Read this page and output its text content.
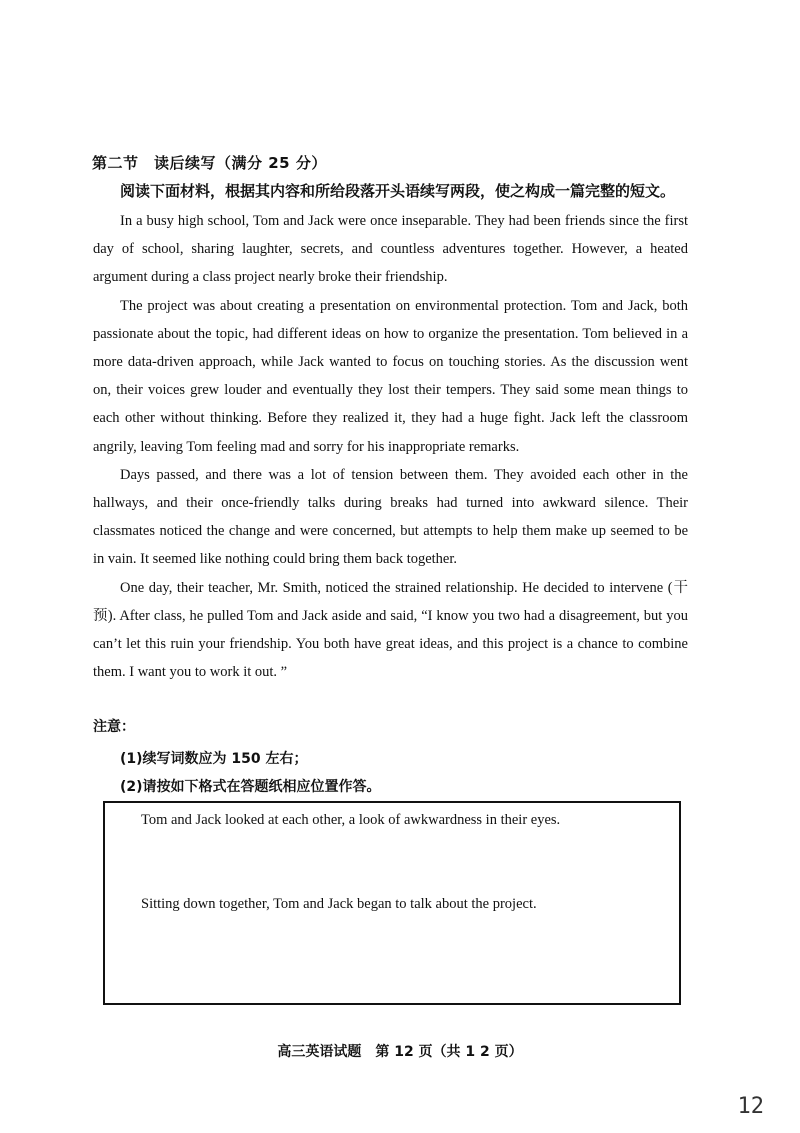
第二节　读后续写（满分 25 分）
阅读下面材料，根据其内容和所给段落开头语续写两段，使之构成一篇完整的短文。

In a busy high school, Tom and Jack were once inseparable. They had been friends since the first day of school, sharing laughter, secrets, and countless adventures together. However, a heated argument during a class project nearly broke their friendship.

The project was about creating a presentation on environmental protection. Tom and Jack, both passionate about the topic, had different ideas on how to organize the presentation. Tom believed in a more data-driven approach, while Jack wanted to focus on touching stories. As the discussion went on, their voices grew louder and eventually they lost their tempers. They said some mean things to each other without thinking. Before they realized it, they had a huge fight. Jack left the classroom angrily, leaving Tom feeling mad and sorry for his inappropriate remarks.

Days passed, and there was a lot of tension between them. They avoided each other in the hallways, and their once-friendly talks during breaks had turned into awkward silence. Their classmates noticed the change and were concerned, but attempts to help them make up seemed to be in vain. It seemed like nothing could bring them back together.

One day, their teacher, Mr. Smith, noticed the strained relationship. He decided to intervene (干预). After class, he pulled Tom and Jack aside and said, “I know you two had a disagreement, but you can’t let this ruin your friendship. You both have great ideas, and this project is a chance to combine them. I want you to work it out. ”

注意：
(1)续写词数应为 150 左右；
(2)请按如下格式在答题纸相应位置作答。
Tom and Jack looked at each other, a look of awkwardness in their eyes.
Sitting down together, Tom and Jack began to talk about the project.
高三英语试题　第 12 页（共 1 2 页）
12
